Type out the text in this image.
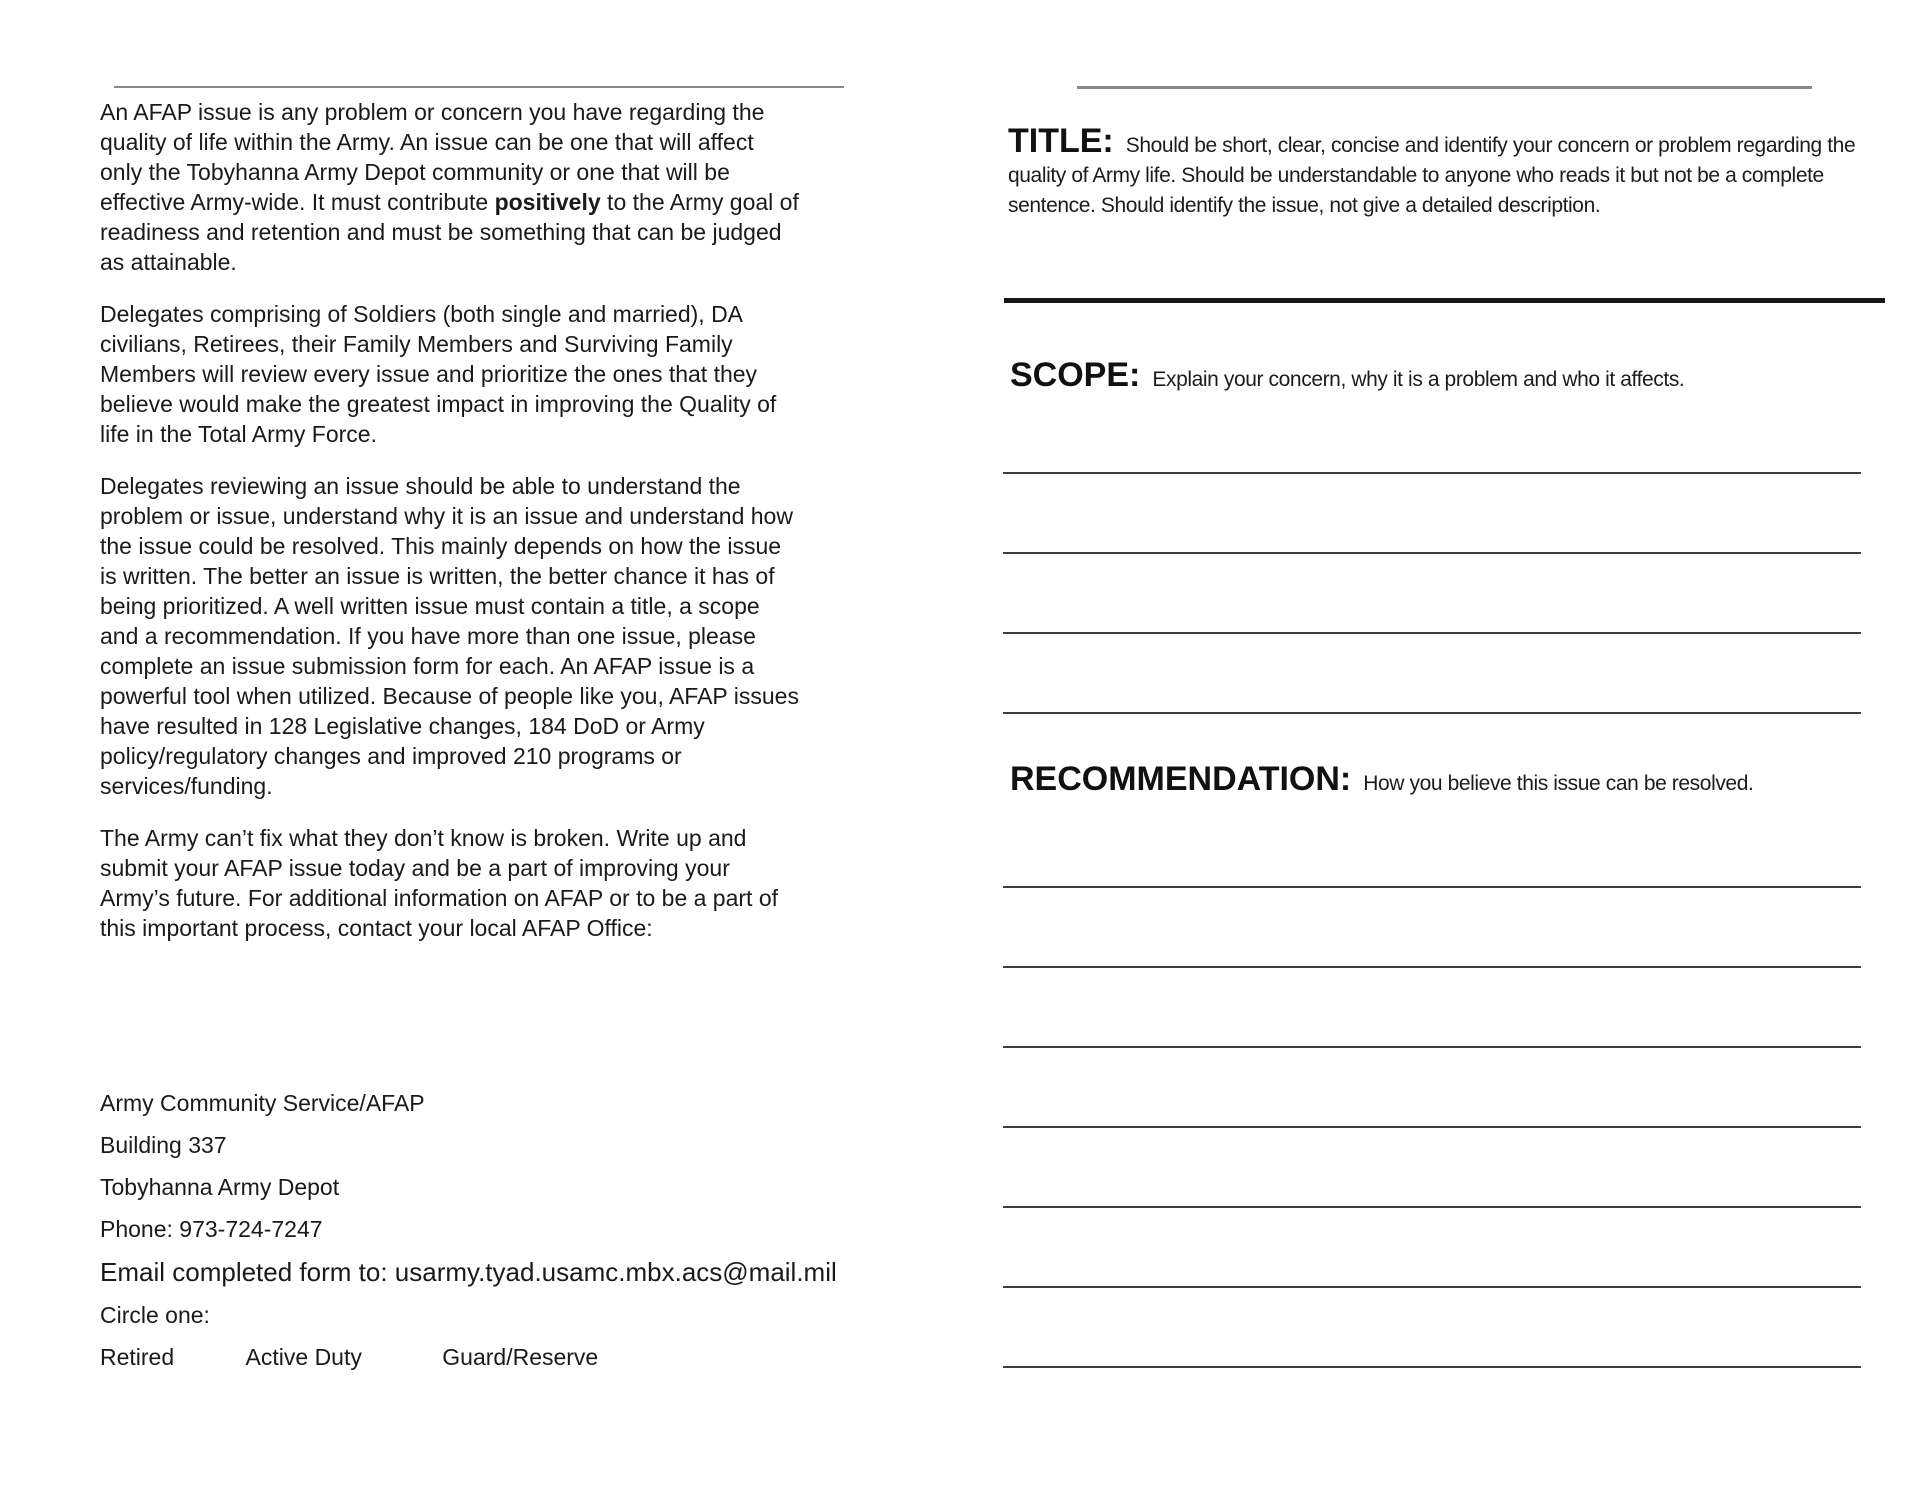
An AFAP issue is any problem or concern you have regarding the quality of life within the Army. An issue can be one that will affect only the Tobyhanna Army Depot community or one that will be effective Army-wide. It must contribute positively to the Army goal of readiness and retention and must be something that can be judged as attainable.

Delegates comprising of Soldiers (both single and married), DA civilians, Retirees, their Family Members and Surviving Family Members will review every issue and prioritize the ones that they believe would make the greatest impact in improving the Quality of life in the Total Army Force.

Delegates reviewing an issue should be able to understand the problem or issue, understand why it is an issue and understand how the issue could be resolved. This mainly depends on how the issue is written. The better an issue is written, the better chance it has of being prioritized. A well written issue must contain a title, a scope and a recommendation. If you have more than one issue, please complete an issue submission form for each. An AFAP issue is a powerful tool when utilized. Because of people like you, AFAP issues have resulted in 128 Legislative changes, 184 DoD or Army policy/regulatory changes and improved 210 programs or services/funding.

The Army can’t fix what they don’t know is broken. Write up and submit your AFAP issue today and be a part of improving your Army’s future. For additional information on AFAP or to be a part of this important process, contact your local AFAP Office:

Army Community Service/AFAP

Building 337

Tobyhanna Army Depot

Phone: 973-724-7247

Email completed form to: usarmy.tyad.usamc.mbx.acs@mail.mil

Circle one:

Retired	Active Duty	Guard/Reserve

TITLE: Should be short, clear, concise and identify your concern or problem regarding the quality of Army life. Should be understandable to anyone who reads it but not be a complete sentence. Should identify the issue, not give a detailed description.

SCOPE: Explain your concern, why it is a problem and who it affects.

RECOMMENDATION: How you believe this issue can be resolved.
